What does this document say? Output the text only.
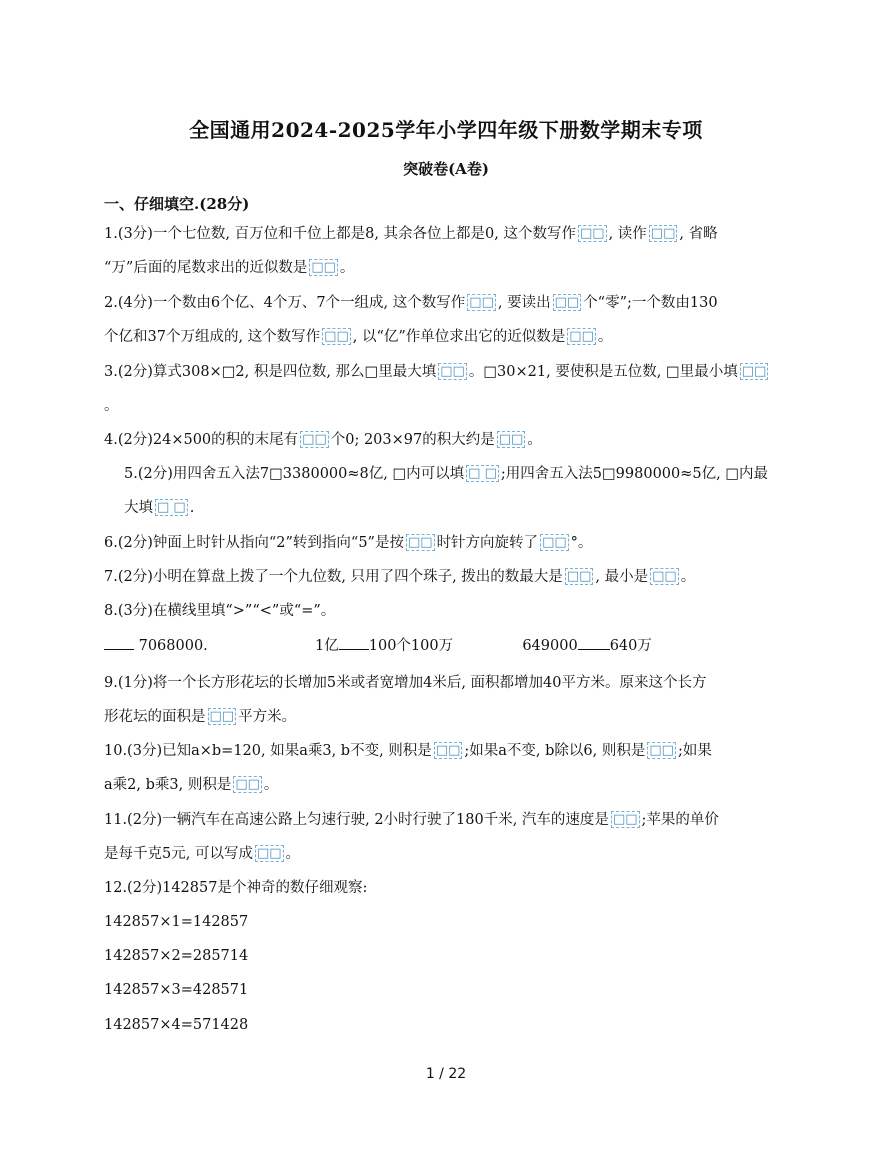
全国通用2024-2025学年小学四年级下册数学期末专项
突破卷(A卷)
一、仔细填空.(28分)
1.(3分)一个七位数, 百万位和千位上都是8, 其余各位上都是0, 这个数写作 □□ , 读作 □□ , 省略
“万”后面的尾数求出的近似数是 □□ 。
2.(4分)一个数由6个亿、4个万、7个一组成, 这个数写作 □□ , 要读出 □□ 个“零”;一个数由130
个亿和37个万组成的, 这个数写作 □□ , 以“亿”作单位求出它的近似数是 □□ 。
3.(2分)算式308×□2, 积是四位数, 那么□里最大填 □□ 。□30×21, 要使积是五位数, □里最小填 □□
。
4.(2分)24×500的积的末尾有 □□ 个0; 203×97的积大约是 □□ 。
5.(2分)用四舍五入法7□3380000≈8亿, □内可以填 □ □ ;用四舍五入法5□9980000≈5亿, □内最
大填 □ □ .
6.(2分)钟面上时针从指向“2”转到指向“5”是按 □□ 时针方向旋转了 □□ °。
7.(2分)小明在算盘上拨了一个九位数, 只用了四个珠子, 拨出的数最大是 □□ , 最小是 □□ 。
8.(3分)在横线里填“>”“<”或“=”。
7068000.	1亿 100个100万	649000 640万
9.(1分)将一个长方形花坛的长增加5米或者宽增加4米后, 面积都增加40平方米。原来这个长方
形花坛的面积是 □□ 平方米。
10.(3分)已知a×b=120, 如果a乘3, b不变, 则积是 □□ ;如果a不变, b除以6, 则积是 □□ ;如果
a乘2, b乘3, 则积是 □□ 。
11.(2分)一辆汽车在高速公路上匀速行驶, 2小时行驶了180千米, 汽车的速度是 □□ ;苹果的单价
是每千克5元, 可以写成 □□ 。
12.(2分)142857是个神奇的数仔细观察:
142857×1=142857
142857×2=285714
142857×3=428571
142857×4=571428
1 / 22
